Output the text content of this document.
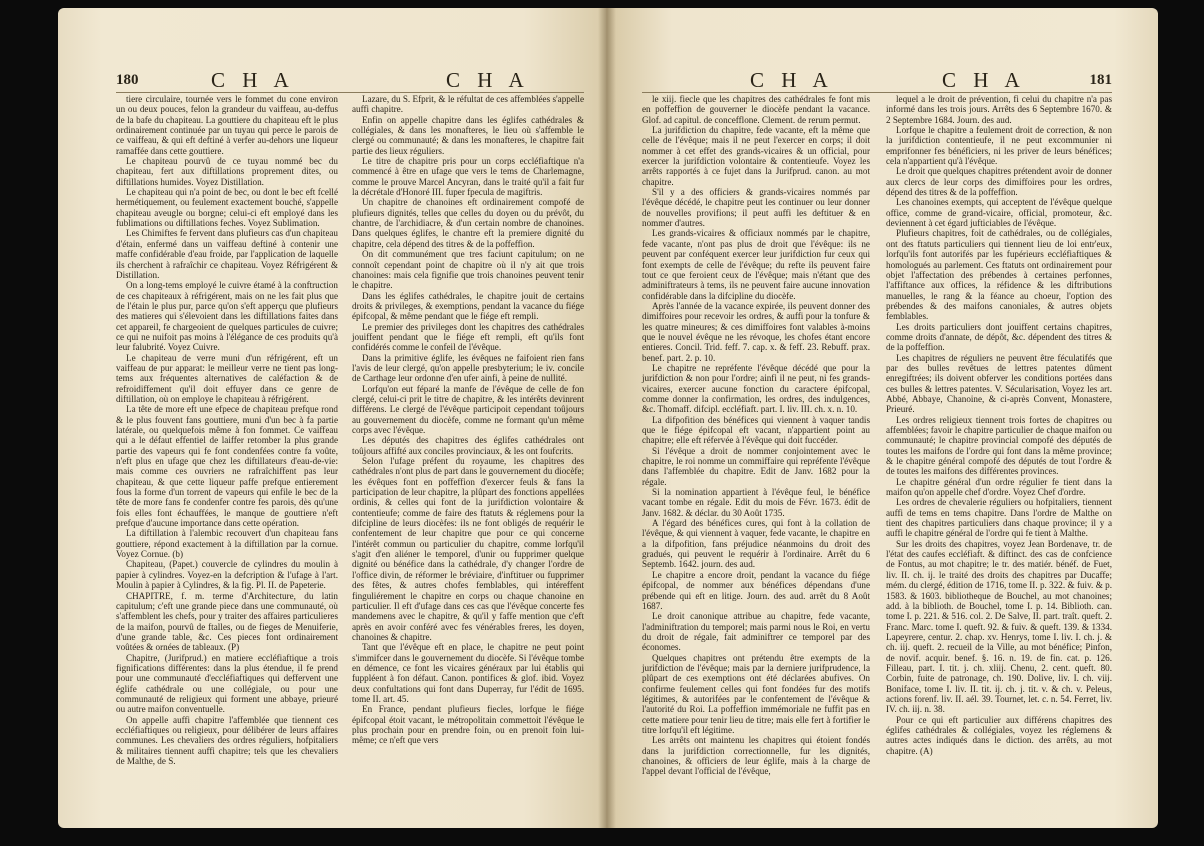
180	C H A	C H A

tiere circulaire, tournée vers le fommet du cone environ un ou deux pouces, felon la grandeur du vaiffeau, au-deffus de la bafe du chapiteau. La gouttiere du chapiteau eft le plus ordinairement continuée par un tuyau qui perce le parois de ce vaiffeau, & qui eft deftiné à verfer au-dehors une liqueur ramaffée dans cette gouttiere.

Le chapiteau pourvû de ce tuyau nommé bec du chapiteau, fert aux diftillations proprement dites, ou diftillations humides. Voyez Distillation.

Le chapiteau qui n'a point de bec, ou dont le bec eft fcellé hermétiquement, ou feulement exactement bouché, s'appelle chapiteau aveugle ou borgne; celui-ci eft employé dans les fublimations ou diftillations feches. Voyez Sublimation.

Les Chimiftes fe fervent dans plufieurs cas d'un chapiteau d'étain, enfermé dans un vaiffeau deftiné à contenir une maffe confidérable d'eau froide, par l'application de laquelle ils cherchent à rafraîchir ce chapiteau. Voyez Réfrigérent & Distillation.

On a long-tems employé le cuivre étamé à la conftruction de ces chapiteaux à réfrigérent, mais on ne les fait plus que de l'étain le plus pur, parce qu'on s'eft apperçu que plufieurs des matieres qui s'élevoient dans les diftillations faites dans cet appareil, fe chargeoient de quelques particules de cuivre; ce qui ne nuifoit pas moins à l'élégance de ces produits qu'à leur falubrité. Voyez Cuivre.

Le chapiteau de verre muni d'un réfrigérent, eft un vaiffeau de pur apparat: le meilleur verre ne tient pas long-tems aux fréquentes alternatives de caléfaction & de refroidiffement qu'il doit effuyer dans ce genre de diftillation, où on employe le chapiteau à réfrigérent.

La tête de more eft une efpece de chapiteau prefque rond & le plus fouvent fans gouttiere, muni d'un bec à fa partie latérale, ou quelquefois même à fon fommet. Ce vaiffeau qui a le défaut effentiel de laiffer retomber la plus grande partie des vapeurs qui fe font condenfées contre fa voûte, n'eft plus en ufage que chez les diftillateurs d'eau-de-vie: mais comme ces ouvriers ne rafraîchiffent pas leur chapiteau, & que cette liqueur paffe prefque entierement fous la forme d'un torrent de vapeurs qui enfile le bec de la tête de more fans fe condenfer contre fes parois, dès qu'une fois elles font échauffées, le manque de gouttiere n'eft prefque d'aucune importance dans cette opération.

La diftillation à l'alembic recouvert d'un chapiteau fans gouttiere, répond exactement à la diftillation par la cornue. Voyez Cornue. (b)

Chapiteau, (Papet.) couvercle de cylindres du moulin à papier à cylindres. Voyez-en la defcription & l'ufage à l'art. Moulin à papier à Cylindres, & la fig. Pl. II. de Papeterie.

CHAPITRE, f. m. terme d'Architecture, du latin capitulum; c'eft une grande piece dans une communauté, où s'affemblent les chefs, pour y traiter des affaires particulieres de la maifon, pourvû de ftalles, ou de fieges de Menuiferie, d'une grande table, &c. Ces pieces font ordinairement voûtées & ornées de tableaux. (P)

Chapitre, (Jurifprud.) en matiere eccléfiaftique a trois fignifications différentes: dans la plus étendue, il fe prend pour une communauté d'eccléfiaftiques qui deffervent une églife cathédrale ou une collégiale, ou pour une communauté de religieux qui forment une abbaye, prieuré ou autre maifon conventuelle.

On appelle auffi chapitre l'affemblée que tiennent ces eccléfiaftiques ou religieux, pour délibérer de leurs affaires communes. Les chevaliers des ordres réguliers, hofpitaliers & militaires tiennent auffi chapitre; tels que les chevaliers de Malthe, de S.

Lazare, du S. Efprit, & le réfultat de ces affemblées s'appelle auffi chapitre.

Enfin on appelle chapitre dans les églifes cathédrales & collégiales, & dans les monafteres, le lieu où s'affemble le clergé ou communauté; & dans les monafteres, le chapitre fait partie des lieux réguliers.

Le titre de chapitre pris pour un corps eccléfiaftique n'a commencé à être en ufage que vers le tems de Charlemagne, comme le prouve Marcel Ancyran, dans le traité qu'il a fait fur la décrétale d'Honoré III. fuper fpecula de magiftris.

Un chapitre de chanoines eft ordinairement compofé de plufieurs dignités, telles que celles du doyen ou du prévôt, du chantre, de l'archidiacre, & d'un certain nombre de chanoines. Dans quelques églifes, le chantre eft la premiere dignité du chapitre, cela dépend des titres & de la poffeffion.

On dit communément que tres faciunt capitulum; on ne connoît cependant point de chapitre où il n'y ait que trois chanoines: mais cela fignifie que trois chanoines peuvent tenir le chapitre.

Dans les églifes cathédrales, le chapitre jouit de certains droits & privileges, & exemptions, pendant la vacance du fiége épifcopal, & même pendant que le fiége eft rempli.

Le premier des privileges dont les chapitres des cathédrales jouiffent pendant que le fiége eft rempli, eft qu'ils font confidérés comme le confeil de l'évêque.

Dans la primitive églife, les évêques ne faifoient rien fans l'avis de leur clergé, qu'on appelle presbyterium; le iv. concile de Carthage leur ordonne d'en ufer ainfi, à peine de nullité.

Lorfqu'on eut féparé la manfe de l'évêque de celle de fon clergé, celui-ci prit le titre de chapitre, & les intérêts devinrent différens. Le clergé de l'évêque participoit cependant toûjours au gouvernement du diocèfe, comme ne formant qu'un même corps avec l'évêque.

Les députés des chapitres des églifes cathédrales ont toûjours affifté aux conciles provinciaux, & les ont foufcrits.

Selon l'ufage préfent du royaume, les chapitres des cathédrales n'ont plus de part dans le gouvernement du diocèfe; les évêques font en poffeffion d'exercer feuls & fans la participation de leur chapitre, la plûpart des fonctions appellées ordinis, & celles qui font de la jurifdiction volontaire & contentieufe; comme de faire des ftatuts & réglemens pour la difcipline de leurs diocèfes: ils ne font obligés de requérir le confentement de leur chapitre que pour ce qui concerne l'intérêt commun ou particulier du chapitre, comme lorfqu'il s'agit d'en aliéner le temporel, d'unir ou fupprimer quelque dignité ou bénéfice dans la cathédrale, d'y changer l'ordre de l'office divin, de réformer le bréviaire, d'inftituer ou fupprimer des fêtes, & autres chofes femblables, qui intéreffent finguliérement le chapitre en corps ou chaque chanoine en particulier. Il eft d'ufage dans ces cas que l'évêque concerte fes mandemens avec le chapitre, & qu'il y faffe mention que c'eft après en avoir conféré avec fes vénérables freres, les doyen, chanoines & chapitre.

Tant que l'évêque eft en place, le chapitre ne peut point s'immifcer dans le gouvernement du diocèfe. Si l'évêque tombe en démence, ce font les vicaires généraux par lui établis qui fuppléent à fon défaut. Canon. pontifices & glof. ibid. Voyez deux confultations qui font dans Duperray, fur l'édit de 1695. tome II. art. 45.

En France, pendant plufieurs fiecles, lorfque le fiége épifcopal étoit vacant, le métropolitain commettoit l'évêque le plus prochain pour en prendre foin, ou en prenoit foin lui-même; ce n'eft que vers

C H A	C H A	181

le xiij. fiecle que les chapitres des cathédrales fe font mis en poffeffion de gouverner le diocèfe pendant la vacance. Glof. ad capitul. de concefflone. Clement. de rerum permut.

La jurifdiction du chapitre, fede vacante, eft la même que celle de l'évêque; mais il ne peut l'exercer en corps; il doit nommer à cet effet des grands-vicaires & un official, pour exercer la jurifdiction volontaire & contentieufe. Voyez les arrêts rapportés à ce fujet dans la Jurifprud. canon. au mot chapitre.

S'il y a des officiers & grands-vicaires nommés par l'évêque décédé, le chapitre peut les continuer ou leur donner de nouvelles provifions; il peut auffi les deftituer & en nommer d'autres.

Les grands-vicaires & officiaux nommés par le chapitre, fede vacante, n'ont pas plus de droit que l'évêque: ils ne peuvent par conféquent exercer leur jurifdiction fur ceux qui font exempts de celle de l'évêque; du refte ils peuvent faire tout ce que feroient ceux de l'évêque; mais n'étant que des adminiftrateurs à tems, ils ne peuvent faire aucune innovation confidérable dans la difcipline du diocèfe.

Après l'année de la vacance expirée, ils peuvent donner des dimiffoires pour recevoir les ordres, & auffi pour la tonfure & les quatre mineures; & ces dimiffoires font valables à-moins que le nouvel évêque ne les révoque, les chofes étant encore entieres. Concil. Trid. feff. 7. cap. x. & feff. 23. Rebuff. prax. benef. part. 2. p. 10.

Le chapitre ne repréfente l'évêque décédé que pour la jurifdiction & non pour l'ordre; ainfi il ne peut, ni fes grands-vicaires, exercer aucune fonction du caractere épifcopal, comme donner la confirmation, les ordres, des indulgences, &c. Thomaff. difcipl. eccléfiaft. part. I. liv. III. ch. x. n. 10.

La difpofition des bénéfices qui viennent à vaquer tandis que le fiége épifcopal eft vacant, n'appartient point au chapitre; elle eft réfervée à l'évêque qui doit fuccéder.

Si l'évêque a droit de nommer conjointement avec le chapitre, le roi nomme un commiffaire qui repréfente l'évêque dans l'affemblée du chapitre. Edit de Janv. 1682 pour la régale.

Si la nomination appartient à l'évêque feul, le bénéfice vacant tombe en régale. Edit du mois de Févr. 1673. édit de Janv. 1682. & déclar. du 30 Août 1735.

A l'égard des bénéfices cures, qui font à la collation de l'évêque, & qui viennent à vaquer, fede vacante, le chapitre en a la difpofition, fans préjudice néanmoins du droit des gradués, qui peuvent le requérir à l'ordinaire. Arrêt du 6 Septemb. 1642. journ. des aud.

Le chapitre a encore droit, pendant la vacance du fiége épifcopal, de nommer aux bénéfices dépendans d'une prébende qui eft en litige. Journ. des aud. arrêt du 8 Août 1687.

Le droit canonique attribue au chapitre, fede vacante, l'adminiftration du temporel; mais parmi nous le Roi, en vertu du droit de régale, fait adminiftrer ce temporel par des économes.

Quelques chapitres ont prétendu être exempts de la jurifdiction de l'évêque; mais par la derniere jurifprudence, la plûpart de ces exemptions ont été déclarées abufives. On confirme feulement celles qui font fondées fur des motifs légitimes, & autorifées par le confentement de l'évêque & l'autorité du Roi. La poffeffion immémoriale ne fuffit pas en cette matiere pour tenir lieu de titre; mais elle fert à fortifier le titre lorfqu'il eft légitime.

Les arrêts ont maintenu les chapitres qui étoient fondés dans la jurifdiction correctionnelle, fur les dignités, chanoines, & officiers de leur églife, mais à la charge de l'appel devant l'official de l'évêque,

lequel a le droit de prévention, fi celui du chapitre n'a pas informé dans les trois jours. Arrêts des 6 Septembre 1670. & 2 Septembre 1684. Journ. des aud.

Lorfque le chapitre a feulement droit de correction, & non la jurifdiction contentieufe, il ne peut excommunier ni emprifonner fes bénéficiers, ni les priver de leurs bénéfices; cela n'appartient qu'à l'évêque.

Le droit que quelques chapitres prétendent avoir de donner aux clercs de leur corps des dimiffoires pour les ordres, dépend des titres & de la poffeffion.

Les chanoines exempts, qui acceptent de l'évêque quelque office, comme de grand-vicaire, official, promoteur, &c. deviennent à cet égard jufticiables de l'évêque.

Plufieurs chapitres, foit de cathédrales, ou de collégiales, ont des ftatuts particuliers qui tiennent lieu de loi entr'eux, lorfqu'ils font autorifés par les fupérieurs eccléfiaftiques & homologués au parlement. Ces ftatuts ont ordinairement pour objet l'affectation des prébendes à certaines perfonnes, l'affiftance aux offices, la réfidence & les diftributions manuelles, le rang & la féance au choeur, l'option des prébendes & des maifons canoniales, & autres objets femblables.

Les droits particuliers dont jouiffent certains chapitres, comme droits d'annate, de dépôt, &c. dépendent des titres & de la poffeffion.

Les chapitres de réguliers ne peuvent être féculatifés que par des bulles revêtues de lettres patentes dûment enregiftrées; ils doivent obferver les conditions portées dans ces bulles & lettres patentes. V. Sécularisation, Voyez les art. Abbé, Abbaye, Chanoine, & ci-après Convent, Monastere, Prieuré.

Les ordres religieux tiennent trois fortes de chapitres ou affemblées; favoir le chapitre particulier de chaque maifon ou communauté; le chapitre provincial compofé des députés de toutes les maifons de l'ordre qui font dans la même province; & le chapitre général compofé des députés de tout l'ordre & de toutes les maifons des différentes provinces.

Le chapitre général d'un ordre régulier fe tient dans la maifon qu'on appelle chef d'ordre. Voyez Chef d'ordre.

Les ordres de chevalerie réguliers ou hofpitaliers, tiennent auffi de tems en tems chapitre. Dans l'ordre de Malthe on tient des chapitres particuliers dans chaque province; il y a auffi le chapitre général de l'ordre qui fe tient à Malthe.

Sur les droits des chapitres, voyez Jean Bordenave, tr. de l'état des caufes eccléfiaft. & diftinct. des cas de confcience de Fontus, au mot chapitre; le tr. des matiér. bénéf. de Fuet, liv. II. ch. ij. le traité des droits des chapitres par Ducaffe; mém. du clergé, édition de 1716, tome II. p. 322. & fuiv. & p. 1583. & 1603. bibliotheque de Bouchel, au mot chanoines; add. à la biblioth. de Bouchel, tome I. p. 14. Biblioth. can. tome I. p. 221. & 516. col. 2. De Salve, II. part. traît. queft. 2. Franc. Marc. tome I. queft. 92. & fuiv. & queft. 139. & 1334. Lapeyrere, centur. 2. chap. xv. Henrys, tome I. liv. I. ch. j. & ch. iij. queft. 2. recueil de la Ville, au mot bénéfice; Pinfon, de novif. acquir. benef. §. 16. n. 19. de fin. cat. p. 126. Filleau, part. I. tit. j. ch. xliij. Chenu, 2. cent. queft. 80. Corbin, fuite de patronage, ch. 190. Dolive, liv. I. ch. viij. Boniface, tome I. liv. II. tit. ij. ch. j. tit. v. & ch. v. Peleus, actions forenf. liv. II. aél. 39. Tournet, let. c. n. 54. Ferret, liv. IV. ch. iij. n. 38.

Pour ce qui eft particulier aux différens chapitres des églifes cathédrales & collégiales, voyez les réglemens & autres actes indiqués dans le diction. des arrêts, au mot chapitre. (A)
